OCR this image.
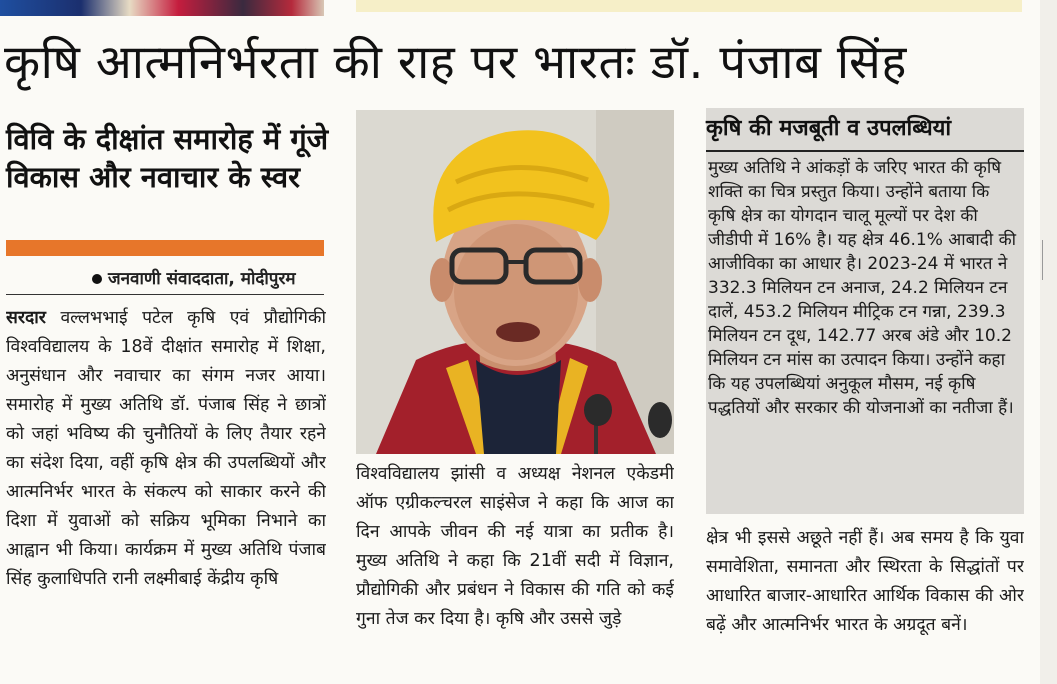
कृषि आत्मनिर्भरता की राह पर भारतः डॉ. पंजाब सिंह
विवि के दीक्षांत समारोह में गूंजे विकास और नवाचार के स्वर
जनवाणी संवाददाता, मोदीपुरम
सरदार वल्लभभाई पटेल कृषि एवं प्रौद्योगिकी विश्वविद्यालय के 18वें दीक्षांत समारोह में शिक्षा, अनुसंधान और नवाचार का संगम नजर आया। समारोह में मुख्य अतिथि डॉ. पंजाब सिंह ने छात्रों को जहां भविष्य की चुनौतियों के लिए तैयार रहने का संदेश दिया, वहीं कृषि क्षेत्र की उपलब्धियों और आत्मनिर्भर भारत के संकल्प को साकार करने की दिशा में युवाओं को सक्रिय भूमिका निभाने का आह्वान भी किया। कार्यक्रम में मुख्य अतिथि पंजाब सिंह कुलाधिपति रानी लक्ष्मीबाई केंद्रीय कृषि
विश्वविद्यालय झांसी व अध्यक्ष नेशनल एकेडमी ऑफ एग्रीकल्चरल साइंसेज ने कहा कि आज का दिन आपके जीवन की नई यात्रा का प्रतीक है। मुख्य अतिथि ने कहा कि 21वीं सदी में विज्ञान, प्रौद्योगिकी और प्रबंधन ने विकास की गति को कई गुना तेज कर दिया है। कृषि और उससे जुड़े
कृषि की मजबूती व उपलब्धियां
मुख्य अतिथि ने आंकड़ों के जरिए भारत की कृषि शक्ति का चित्र प्रस्तुत किया। उन्होंने बताया कि कृषि क्षेत्र का योगदान चालू मूल्यों पर देश की जीडीपी में 16% है। यह क्षेत्र 46.1% आबादी की आजीविका का आधार है। 2023-24 में भारत ने 332.3 मिलियन टन अनाज, 24.2 मिलियन टन दालें, 453.2 मिलियन मीट्रिक टन गन्ना, 239.3 मिलियन टन दूध, 142.77 अरब अंडे और 10.2 मिलियन टन मांस का उत्पादन किया। उन्होंने कहा कि यह उपलब्धियां अनुकूल मौसम, नई कृषि पद्धतियों और सरकार की योजनाओं का नतीजा हैं।
क्षेत्र भी इससे अछूते नहीं हैं। अब समय है कि युवा समावेशिता, समानता और स्थिरता के सिद्धांतों पर आधारित बाजार-आधारित आर्थिक विकास की ओर बढ़ें और आत्मनिर्भर भारत के अग्रदूत बनें।
